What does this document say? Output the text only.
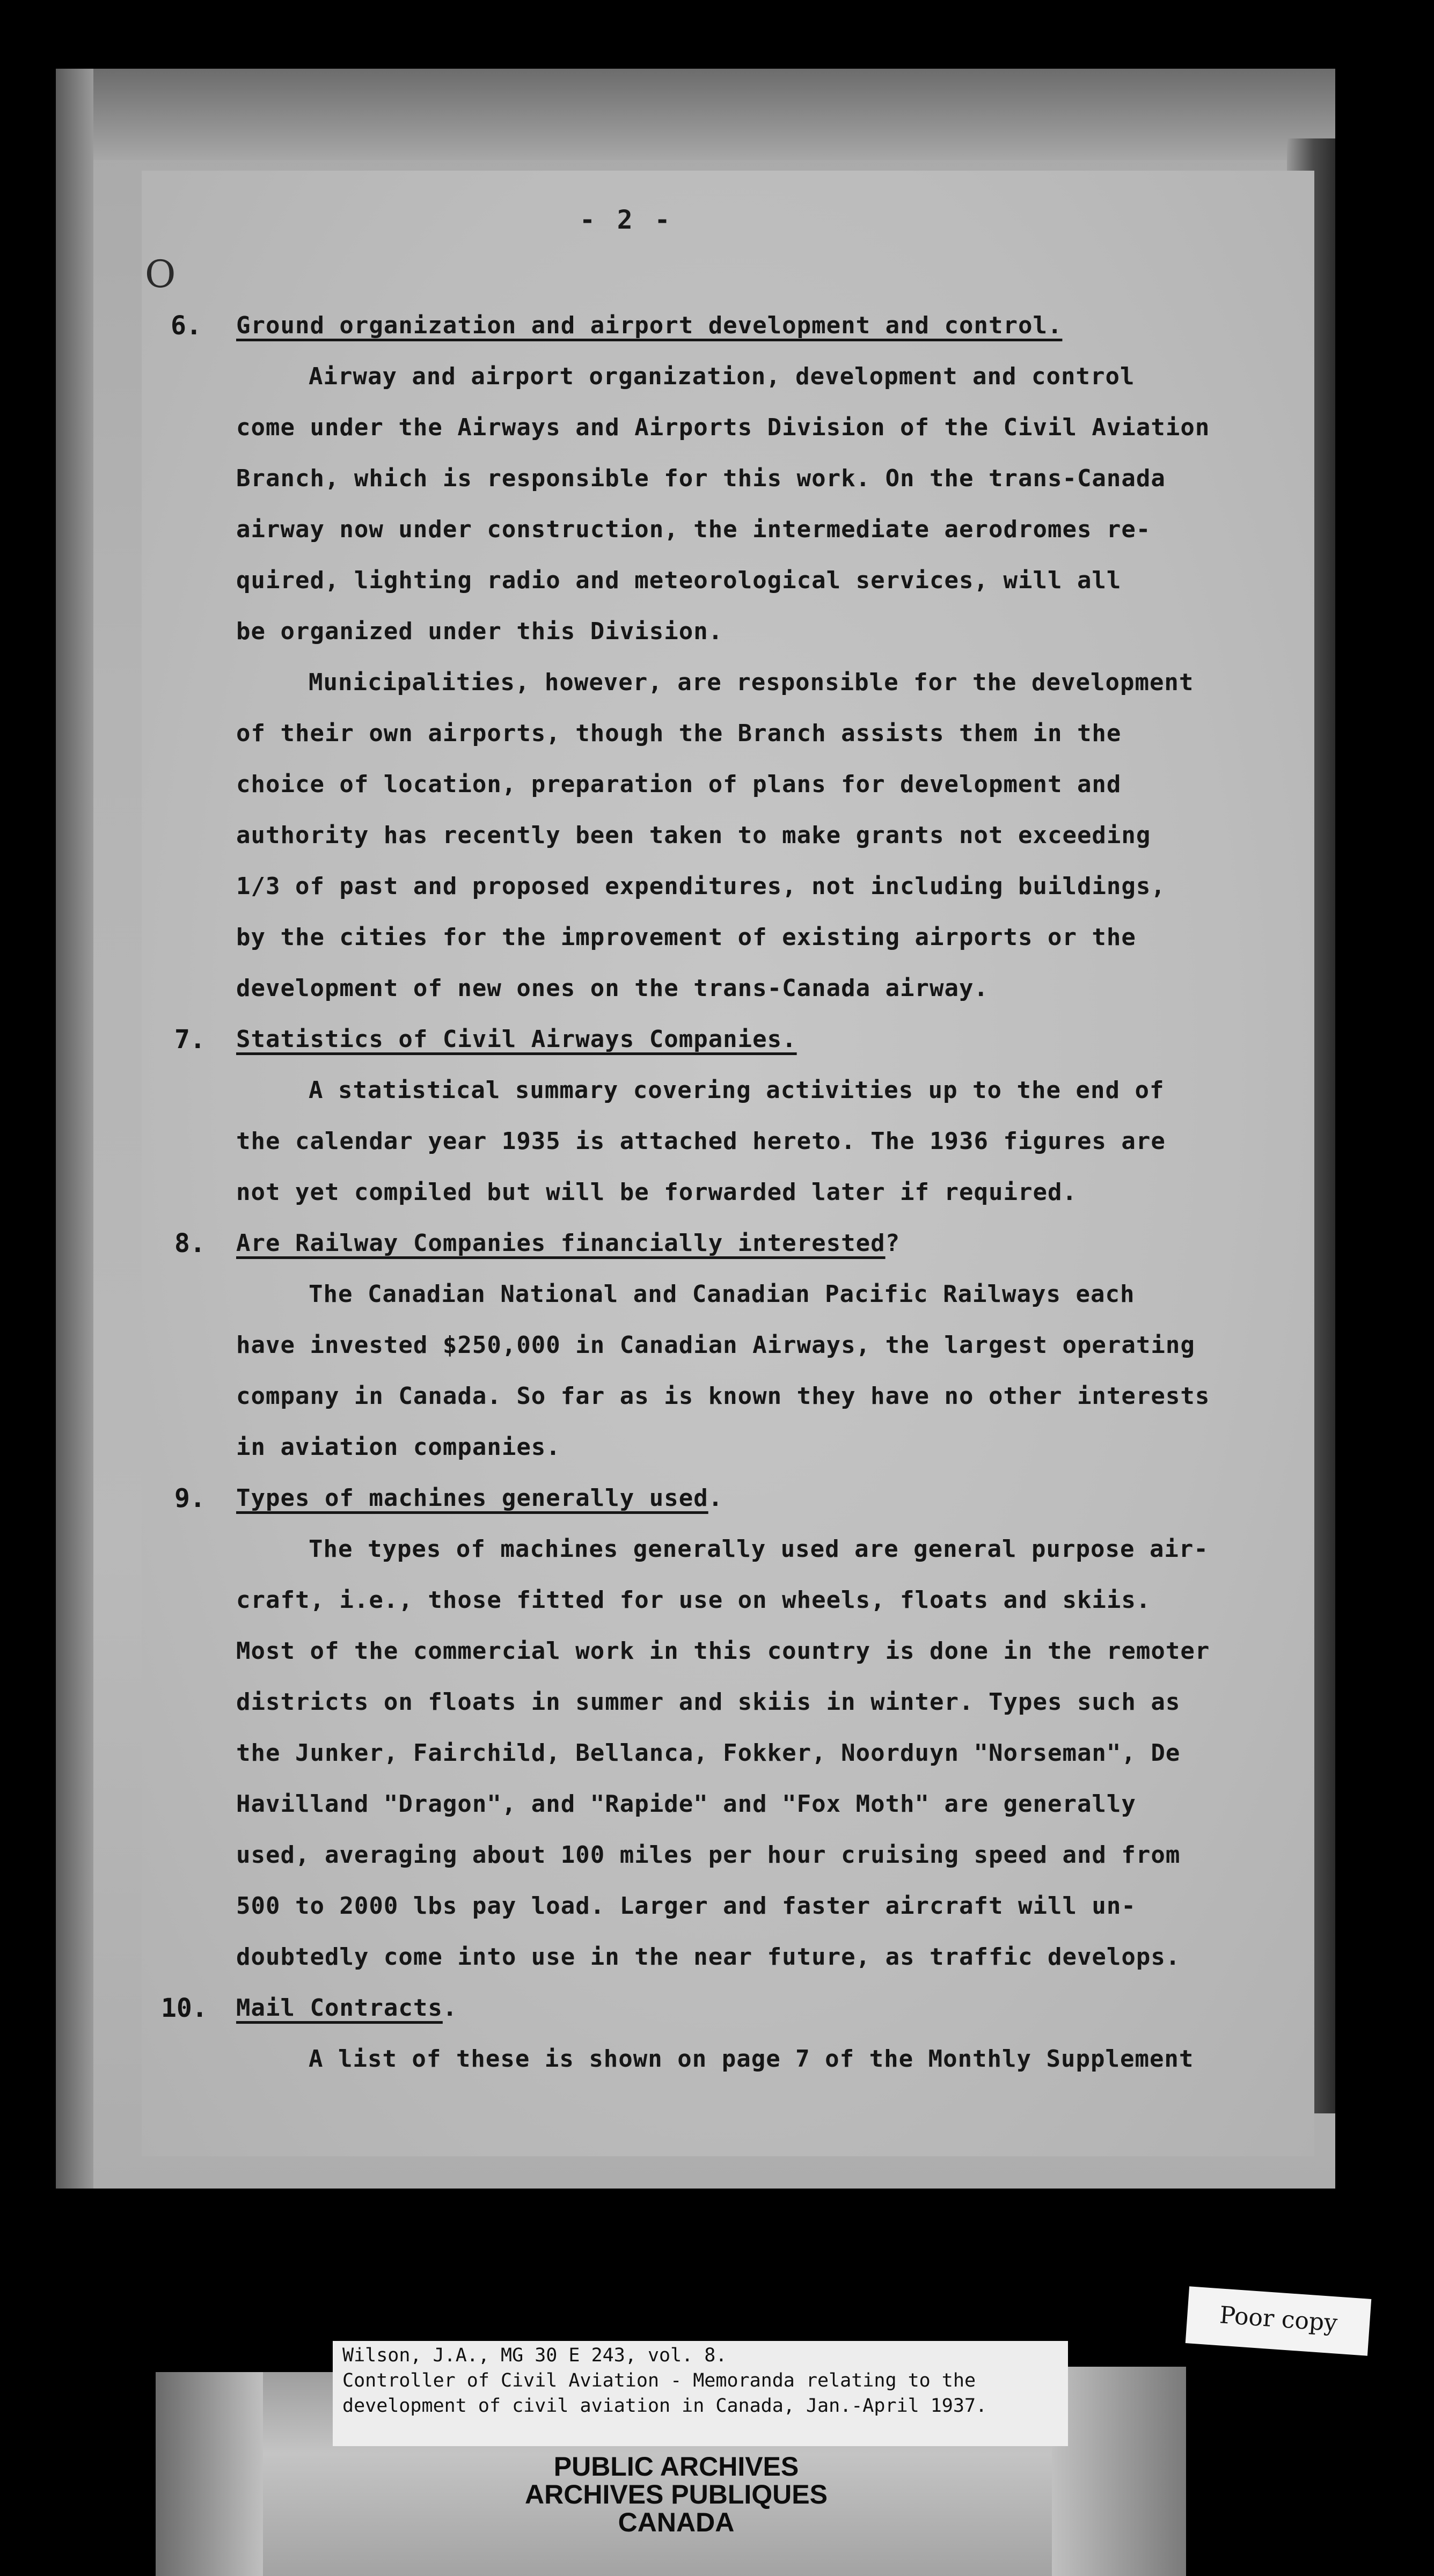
- 2 -
O
6. Ground organization and airport development and control.
Airway and airport organization, development and control
come under the Airways and Airports Division of the Civil Aviation
Branch, which is responsible for this work. On the trans-Canada
airway now under construction, the intermediate aerodromes re-
quired, lighting radio and meteorological services, will all
be organized under this Division.
Municipalities, however, are responsible for the development
of their own airports, though the Branch assists them in the
choice of location, preparation of plans for development and
authority has recently been taken to make grants not exceeding
1/3 of past and proposed expenditures, not including buildings,
by the cities for the improvement of existing airports or the
development of new ones on the trans-Canada airway.
7. Statistics of Civil Airways Companies.
A statistical summary covering activities up to the end of
the calendar year 1935 is attached hereto. The 1936 figures are
not yet compiled but will be forwarded later if required.
8. Are Railway Companies financially interested?
The Canadian National and Canadian Pacific Railways each
have invested $250,000 in Canadian Airways, the largest operating
company in Canada. So far as is known they have no other interests
in aviation companies.
9. Types of machines generally used.
The types of machines generally used are general purpose air-
craft, i.e., those fitted for use on wheels, floats and skiis.
Most of the commercial work in this country is done in the remoter
districts on floats in summer and skiis in winter. Types such as
the Junker, Fairchild, Bellanca, Fokker, Noorduyn "Norseman", De
Havilland "Dragon", and "Rapide" and "Fox Moth" are generally
used, averaging about 100 miles per hour cruising speed and from
500 to 2000 lbs pay load. Larger and faster aircraft will un-
doubtedly come into use in the near future, as traffic develops.
10. Mail Contracts.
A list of these is shown on page 7 of the Monthly Supplement
Wilson, J.A., MG 30 E 243, vol. 8.
Controller of Civil Aviation - Memoranda relating to the
development of civil aviation in Canada, Jan.-April 1937.
PUBLIC ARCHIVES
ARCHIVES PUBLIQUES
CANADA
Poor copy
